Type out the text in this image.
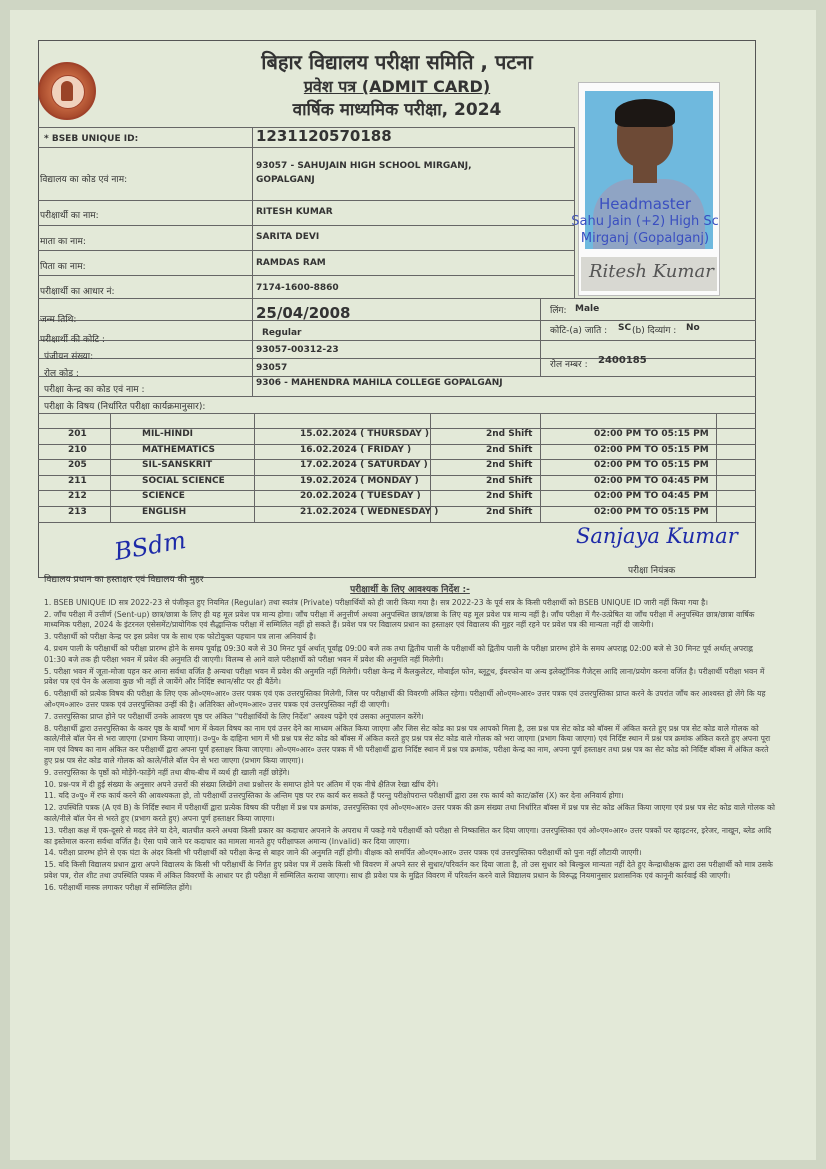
बिहार विद्यालय परीक्षा समिति , पटना
प्रवेश पत्र (ADMIT CARD)
वार्षिक माध्यमिक परीक्षा, 2024
Ritesh Kumar
Headmaster
Sahu Jain (+2) High Sc
Mirganj (Gopalganj)
* BSEB UNIQUE ID:	1231120570188
विद्यालय का कोड एवं नाम:
93057 - SAHUJAIN HIGH SCHOOL MIRGANJ,
GOPALGANJ
परीक्षार्थी का नाम:	RITESH KUMAR
माता का नाम:	SARITA DEVI
पिता का नाम:	RAMDAS RAM
परीक्षार्थी का आधार नं:	7174-1600-8860
जन्म तिथि:	25/04/2008	लिंग: Male
परीक्षार्थी की कोटि :
Regular	कोटि-(a) जाति : SC (b) दिव्यांग : No
पंजीयन संख्या:
93057-00312-23
रोल कोड :
93057	रोल नम्बर : 2400185
परीक्षा केन्द्र का कोड एवं नाम :
9306 - MAHENDRA MAHILA COLLEGE GOPALGANJ
परीक्षा के विषय (निर्धारित परीक्षा कार्यक्रमानुसार):
201	MIL-HINDI	15.02.2024 ( THURSDAY )	2nd Shift	02:00 PM TO 05:15 PM
210	MATHEMATICS	16.02.2024 ( FRIDAY )	2nd Shift	02:00 PM TO 05:15 PM
205	SIL-SANSKRIT	17.02.2024 ( SATURDAY )	2nd Shift	02:00 PM TO 05:15 PM
211	SOCIAL SCIENCE	19.02.2024 ( MONDAY )	2nd Shift	02:00 PM TO 04:45 PM
212	SCIENCE	20.02.2024 ( TUESDAY )	2nd Shift	02:00 PM TO 04:45 PM
213	ENGLISH	21.02.2024 ( WEDNESDAY )	2nd Shift	02:00 PM TO 05:15 PM
BSdm	Sanjaya Kumar
विद्यालय प्रधान का हस्ताक्षर एवं विद्यालय की मुहर
परीक्षा नियंत्रक
परीक्षार्थी के लिए आवश्यक निर्देश :-

1. BSEB UNIQUE ID सत्र 2022-23 से पंजीकृत हुए नियमित (Regular) तथा स्वतंत्र (Private) परीक्षार्थियों को ही जारी किया गया है। सत्र 2022-23 के पूर्व सत्र के किसी परीक्षार्थी को BSEB UNIQUE ID जारी नहीं किया गया है।

2. जाँच परीक्षा में उत्तीर्ण (Sent-up) छात्र/छात्रा के लिए ही यह मूल प्रवेश पत्र मान्य होगा। जाँच परीक्षा में अनुत्तीर्ण अथवा अनुपस्थित छात्र/छात्रा के लिए यह मूल प्रवेश पत्र मान्य नहीं है। जाँच परीक्षा में गैर-उत्प्रेषित या जाँच परीक्षा में अनुपस्थित छात्र/छात्रा वार्षिक माध्यमिक परीक्षा, 2024 के इंटरनल एसेसमेंट/प्रायोगिक एवं सैद्धान्तिक परीक्षा में सम्मिलित नहीं हो सकते हैं। प्रवेश पत्र पर विद्यालय प्रधान का हस्ताक्षर एवं विद्यालय की मुहर नहीं रहने पर प्रवेश पत्र की मान्यता नहीं दी जायेगी।

3. परीक्षार्थी को परीक्षा केन्द्र पर इस प्रवेश पत्र के साथ एक फोटोयुक्त पहचान पत्र लाना अनिवार्य है।

4. प्रथम पाली के परीक्षार्थी को परीक्षा प्रारम्भ होने के समय पूर्वाह्न 09:30 बजे से 30 मिनट पूर्व अर्थात् पूर्वाह्न 09:00 बजे तक तथा द्वितीय पाली के परीक्षार्थी को द्वितीय पाली के परीक्षा प्रारम्भ होने के समय अपराह्न 02:00 बजे से 30 मिनट पूर्व अर्थात् अपराह्न 01:30 बजे तक ही परीक्षा भवन में प्रवेश की अनुमति दी जाएगी। विलम्ब से आने वाले परीक्षार्थी को परीक्षा भवन में प्रवेश की अनुमति नहीं मिलेगी।

5. परीक्षा भवन में जूता-मोजा पहन कर आना सर्वथा वर्जित है अन्यथा परीक्षा भवन में प्रवेश की अनुमति नहीं मिलेगी। परीक्षा केन्द्र में कैलकुलेटर, मोबाईल फोन, ब्लूटूथ, ईयरफोन या अन्य इलेक्ट्रॉनिक गैजेट्स आदि लाना/प्रयोग करना वर्जित है। परीक्षार्थी परीक्षा भवन में प्रवेश पत्र एवं पेन के अलावा कुछ भी नहीं ले जायेंगे और निर्दिष्ट स्थान/सीट पर ही बैठेंगे।

6. परीक्षार्थी को प्रत्येक विषय की परीक्षा के लिए एक ओ०एम०आर० उत्तर पत्रक एवं एक उत्तरपुस्तिका मिलेगी, जिस पर परीक्षार्थी की विवरणी अंकित रहेगा। परीक्षार्थी ओ०एम०आर० उत्तर पत्रक एवं उत्तरपुस्तिका प्राप्त करने के उपरांत जाँच कर आश्वस्त हो लेंगे कि यह ओ०एम०आर० उत्तर पत्रक एवं उत्तरपुस्तिका उन्हीं की है। अतिरिक्त ओ०एम०आर० उत्तर पत्रक एवं उत्तरपुस्तिका नहीं दी जाएगी।

7. उत्तरपुस्तिका प्राप्त होने पर परीक्षार्थी उनके आवरण पृष्ठ पर अंकित "परीक्षार्थियों के लिए निर्देश" अवश्य पढ़ेंगे एवं उसका अनुपालन करेंगे।

8. परीक्षार्थी द्वारा उत्तरपुस्तिका के कवर पृष्ठ के बायाँ भाग में केवल विषय का नाम एवं उत्तर देने का माध्यम अंकित किया जाएगा और जिस सेट कोड का प्रश्न पत्र आपको मिला है, उस प्रश्न पत्र सेट कोड को बॉक्स में अंकित करते हुए प्रश्न पत्र सेट कोड वाले गोलक को काले/नीले बॉल पेन से भरा जाएगा (प्रभाग किया जाएगा)। उ०पु० के दाहिना भाग में भी प्रश्न पत्र सेट कोड को बॉक्स में अंकित करते हुए प्रश्न पत्र सेट कोड वाले गोलक को भरा जाएगा (प्रभाग किया जाएगा) एवं निर्दिष्ट स्थान में प्रश्न पत्र क्रमांक अंकित करते हुए अपना पूरा नाम एवं विषय का नाम अंकित कर परीक्षार्थी द्वारा अपना पूर्ण हस्ताक्षर किया जाएगा। ओ०एम०आर० उत्तर पत्रक में भी परीक्षार्थी द्वारा निर्दिष्ट स्थान में प्रश्न पत्र क्रमांक, परीक्षा केन्द्र का नाम, अपना पूर्ण हस्ताक्षर तथा प्रश्न पत्र का सेट कोड को निर्दिष्ट बॉक्स में अंकित करते हुए प्रश्न पत्र सेट कोड वाले गोलक को काले/नीले बॉल पेन से भरा जाएगा (प्रभाग किया जाएगा)।

9. उत्तरपुस्तिका के पृष्ठों को मोड़ेंगे-फाड़ेंगे नहीं तथा बीच-बीच में व्यर्थ ही खाली नहीं छोड़ेंगे।

10. प्रश्न-पत्र में दी हुई संख्या के अनुसार अपने उत्तरों की संख्या लिखेंगे तथा प्रश्नोत्तर के समाप्त होने पर अंतिम में एक नीचे क्षैतिज रेखा खींच देंगे।

11. यदि उ०पु० में रफ कार्य करने की आवश्यकता हो, तो परीक्षार्थी उत्तरपुस्तिका के अन्तिम पृष्ठ पर रफ कार्य कर सकते हैं परन्तु परीक्षोपरान्त परीक्षार्थी द्वारा उस रफ कार्य को काट/क्रॉस (X) कर देना अनिवार्य होगा।

12. उपस्थिति पत्रक (A एवं B) के निर्दिष्ट स्थान में परीक्षार्थी द्वारा प्रत्येक विषय की परीक्षा में प्रश्न पत्र क्रमांक, उत्तरपुस्तिका एवं ओ०एम०आर० उत्तर पत्रक की क्रम संख्या तथा निर्धारित बॉक्स में प्रश्न पत्र सेट कोड अंकित किया जाएगा एवं प्रश्न पत्र सेट कोड वाले गोलक को काले/नीले बॉल पेन से भरते हुए (प्रभाग करते हुए) अपना पूर्ण हस्ताक्षर किया जाएगा।

13. परीक्षा कक्ष में एक-दूसरे से मदद लेने या देने, बातचीत करने अथवा किसी प्रकार का कदाचार अपनाने के अपराध में पकड़े गये परीक्षार्थी को परीक्षा से निष्कासित कर दिया जाएगा। उत्तरपुस्तिका एवं ओ०एम०आर० उत्तर पत्रकों पर व्हाइटनर, इरेजर, नाखून, ब्लेड आदि का इस्तेमाल करना सर्वथा वर्जित है। ऐसा पाये जाने पर कदाचार का मामला मानते हुए परीक्षाफल अमान्य (Invalid) कर दिया जाएगा।

14. परीक्षा प्रारम्भ होने से एक घंटा के अंदर किसी भी परीक्षार्थी को परीक्षा केन्द्र से बाहर जाने की अनुमति नहीं होगी। वीक्षक को समर्पित ओ०एम०आर० उत्तर पत्रक एवं उत्तरपुस्तिका परीक्षार्थी को पुनः नहीं लौटायी जाएगी।

15. यदि किसी विद्यालय प्रधान द्वारा अपने विद्यालय के किसी भी परीक्षार्थी के निर्गत हुए प्रवेश पत्र में उसके किसी भी विवरण में अपने स्तर से सुधार/परिवर्तन कर दिया जाता है, तो उस सुधार को बिल्कुल मान्यता नहीं देते हुए केन्द्राधीक्षक द्वारा उस परीक्षार्थी को मात्र उसके प्रवेश पत्र, रोल शीट तथा उपस्थिति पत्रक में अंकित विवरणों के आधार पर ही परीक्षा में सम्मिलित कराया जाएगा। साथ ही प्रवेश पत्र के मुद्रित विवरण में परिवर्तन करने वाले विद्यालय प्रधान के विरूद्ध नियमानुसार प्रशासनिक एवं कानूनी कार्रवाई की जाएगी।

16. परीक्षार्थी मास्क लगाकर परीक्षा में सम्मिलित होंगे।
